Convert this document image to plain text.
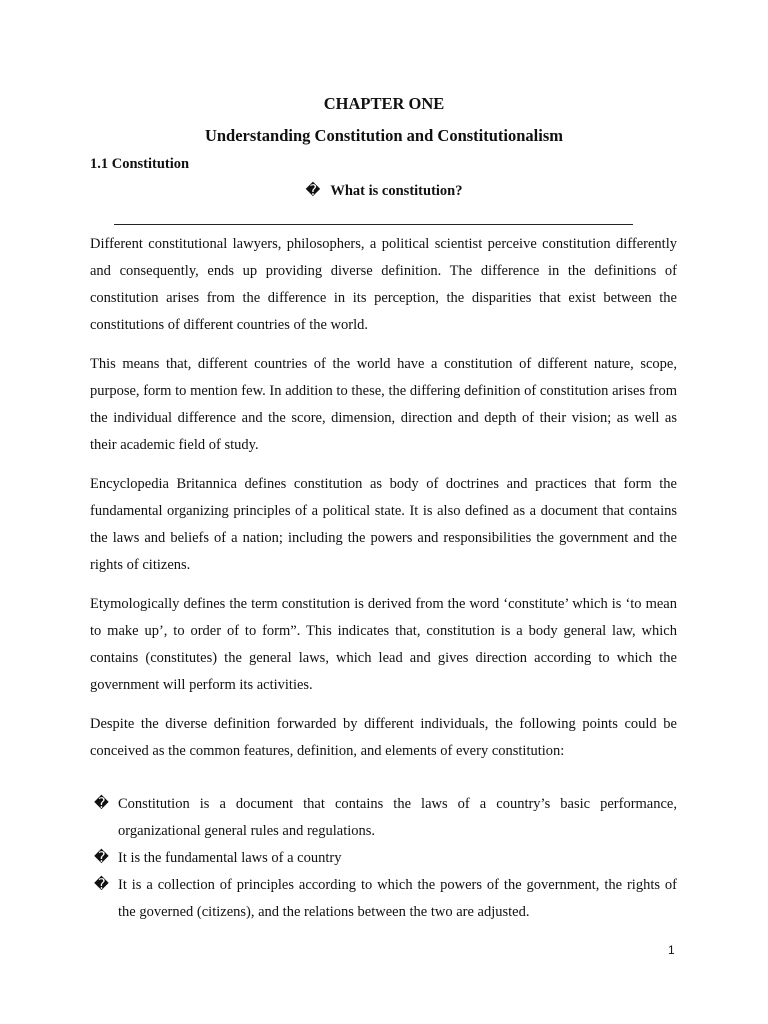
CHAPTER ONE
Understanding Constitution and Constitutionalism
1.1 Constitution

� What is constitution?

Different constitutional lawyers, philosophers, a political scientist perceive constitution differently and consequently, ends up providing diverse definition. The difference in the definitions of constitution arises from the difference in its perception, the disparities that exist between the constitutions of different countries of the world.

This means that, different countries of the world have a constitution of different nature, scope, purpose, form to mention few. In addition to these, the differing definition of constitution arises from the individual difference and the score, dimension, direction and depth of their vision; as well as their academic field of study.

Encyclopedia Britannica defines constitution as body of doctrines and practices that form the fundamental organizing principles of a political state. It is also defined as a document that contains the laws and beliefs of a nation; including the powers and responsibilities the government and the rights of citizens.

Etymologically defines the term constitution is derived from the word ‘constitute’ which is ‘to mean to make up’, to order of to form”. This indicates that, constitution is a body general law, which contains (constitutes) the general laws, which lead and gives direction according to which the government will perform its activities.

Despite the diverse definition forwarded by different individuals, the following points could be conceived as the common features, definition, and elements of every constitution:

� Constitution is a document that contains the laws of a country’s basic performance, organizational general rules and regulations.
� It is the fundamental laws of a country
� It is a collection of principles according to which the powers of the government, the rights of the governed (citizens), and the relations between the two are adjusted.

1
